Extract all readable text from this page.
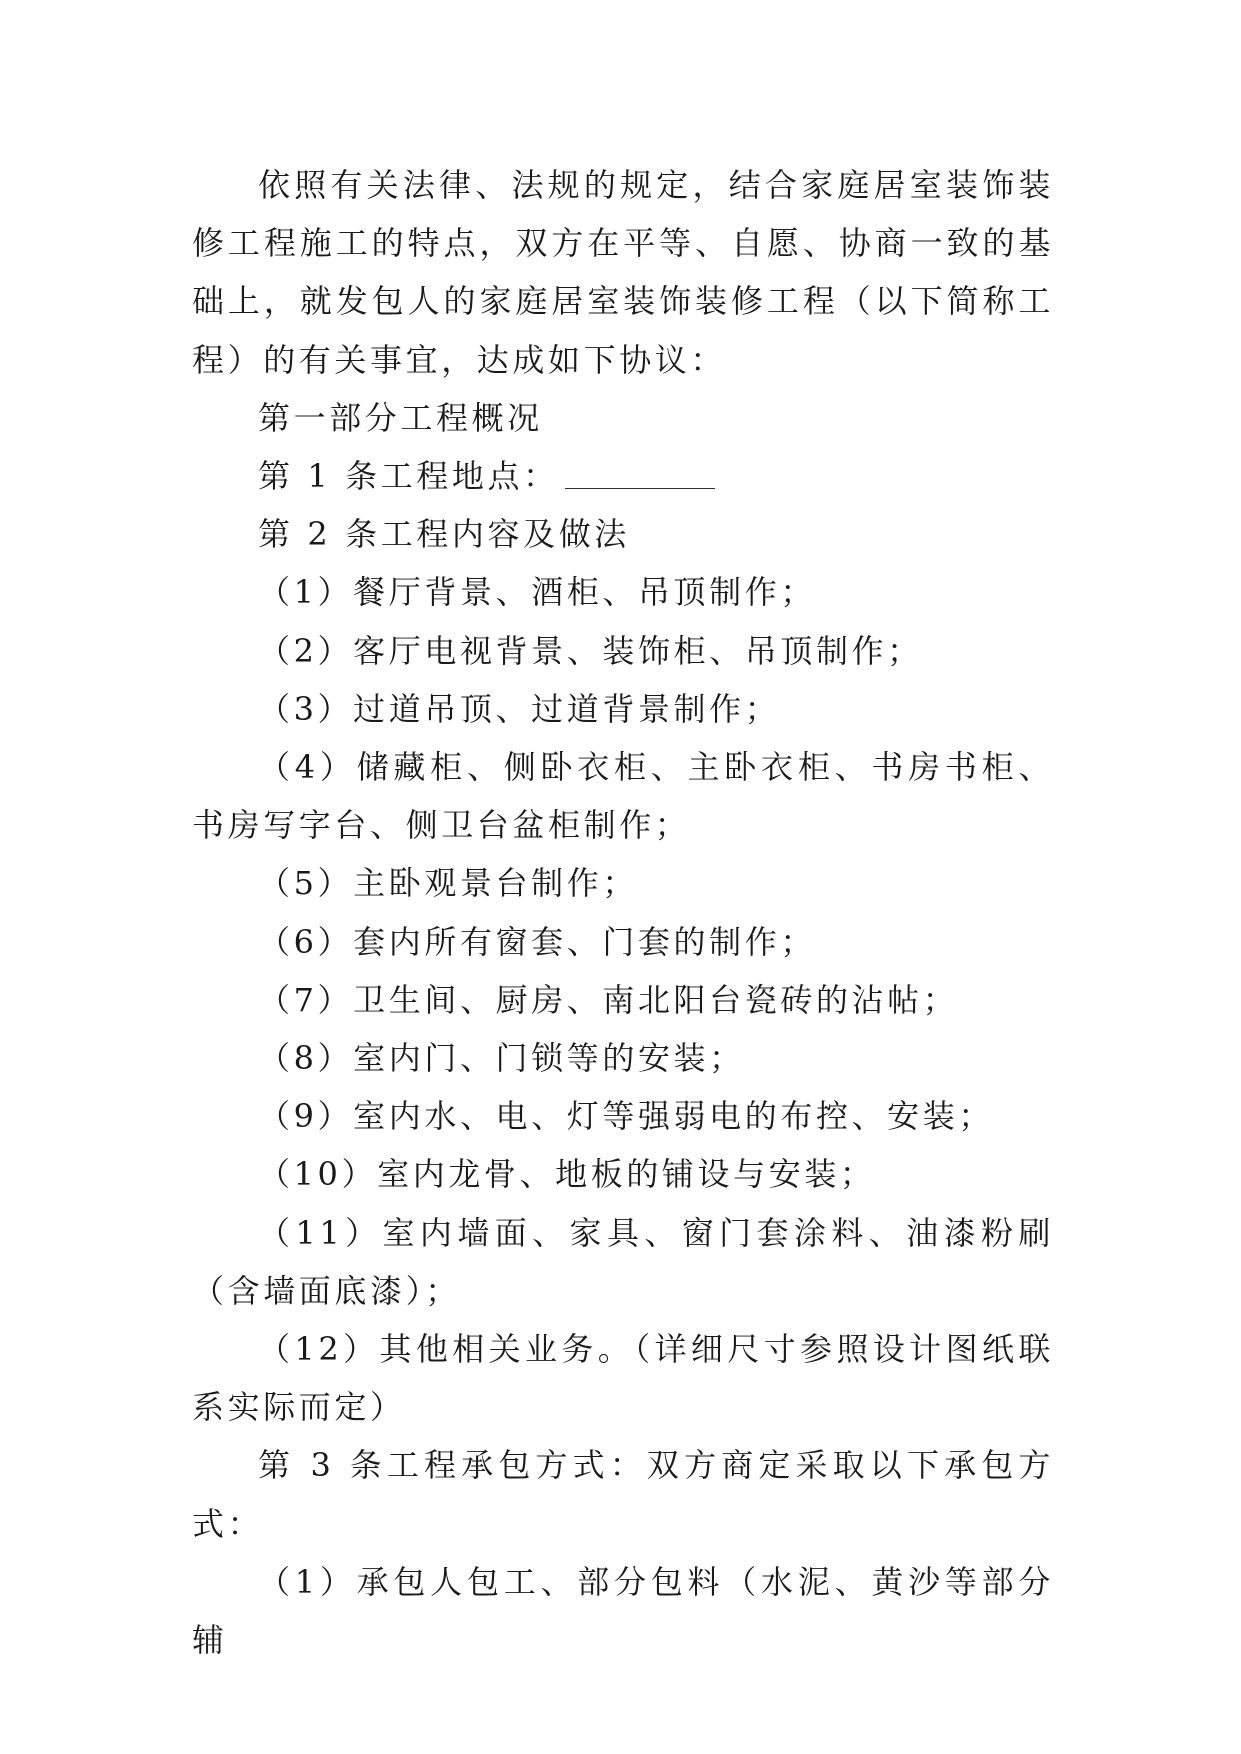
依照有关法律、法规的规定，结合家庭居室装饰装修工程施工的特点，双方在平等、自愿、协商一致的基础上，就发包人的家庭居室装饰装修工程（以下简称工程）的有关事宜，达成如下协议：

第一部分工程概况

第 1 条工程地点：

第 2 条工程内容及做法

（1）餐厅背景、酒柜、吊顶制作；

（2）客厅电视背景、装饰柜、吊顶制作；

（3）过道吊顶、过道背景制作；

（4）储藏柜、侧卧衣柜、主卧衣柜、书房书柜、书房写字台、侧卫台盆柜制作；

（5）主卧观景台制作；

（6）套内所有窗套、门套的制作；

（7）卫生间、厨房、南北阳台瓷砖的沾帖；

（8）室内门、门锁等的安装；

（9）室内水、电、灯等强弱电的布控、安装；

（10）室内龙骨、地板的铺设与安装；

（11）室内墙面、家具、窗门套涂料、油漆粉刷（含墙面底漆）；

（12）其他相关业务。（详细尺寸参照设计图纸联系实际而定）

第 3 条工程承包方式：双方商定采取以下承包方式：

（1）承包人包工、部分包料（水泥、黄沙等部分辅
